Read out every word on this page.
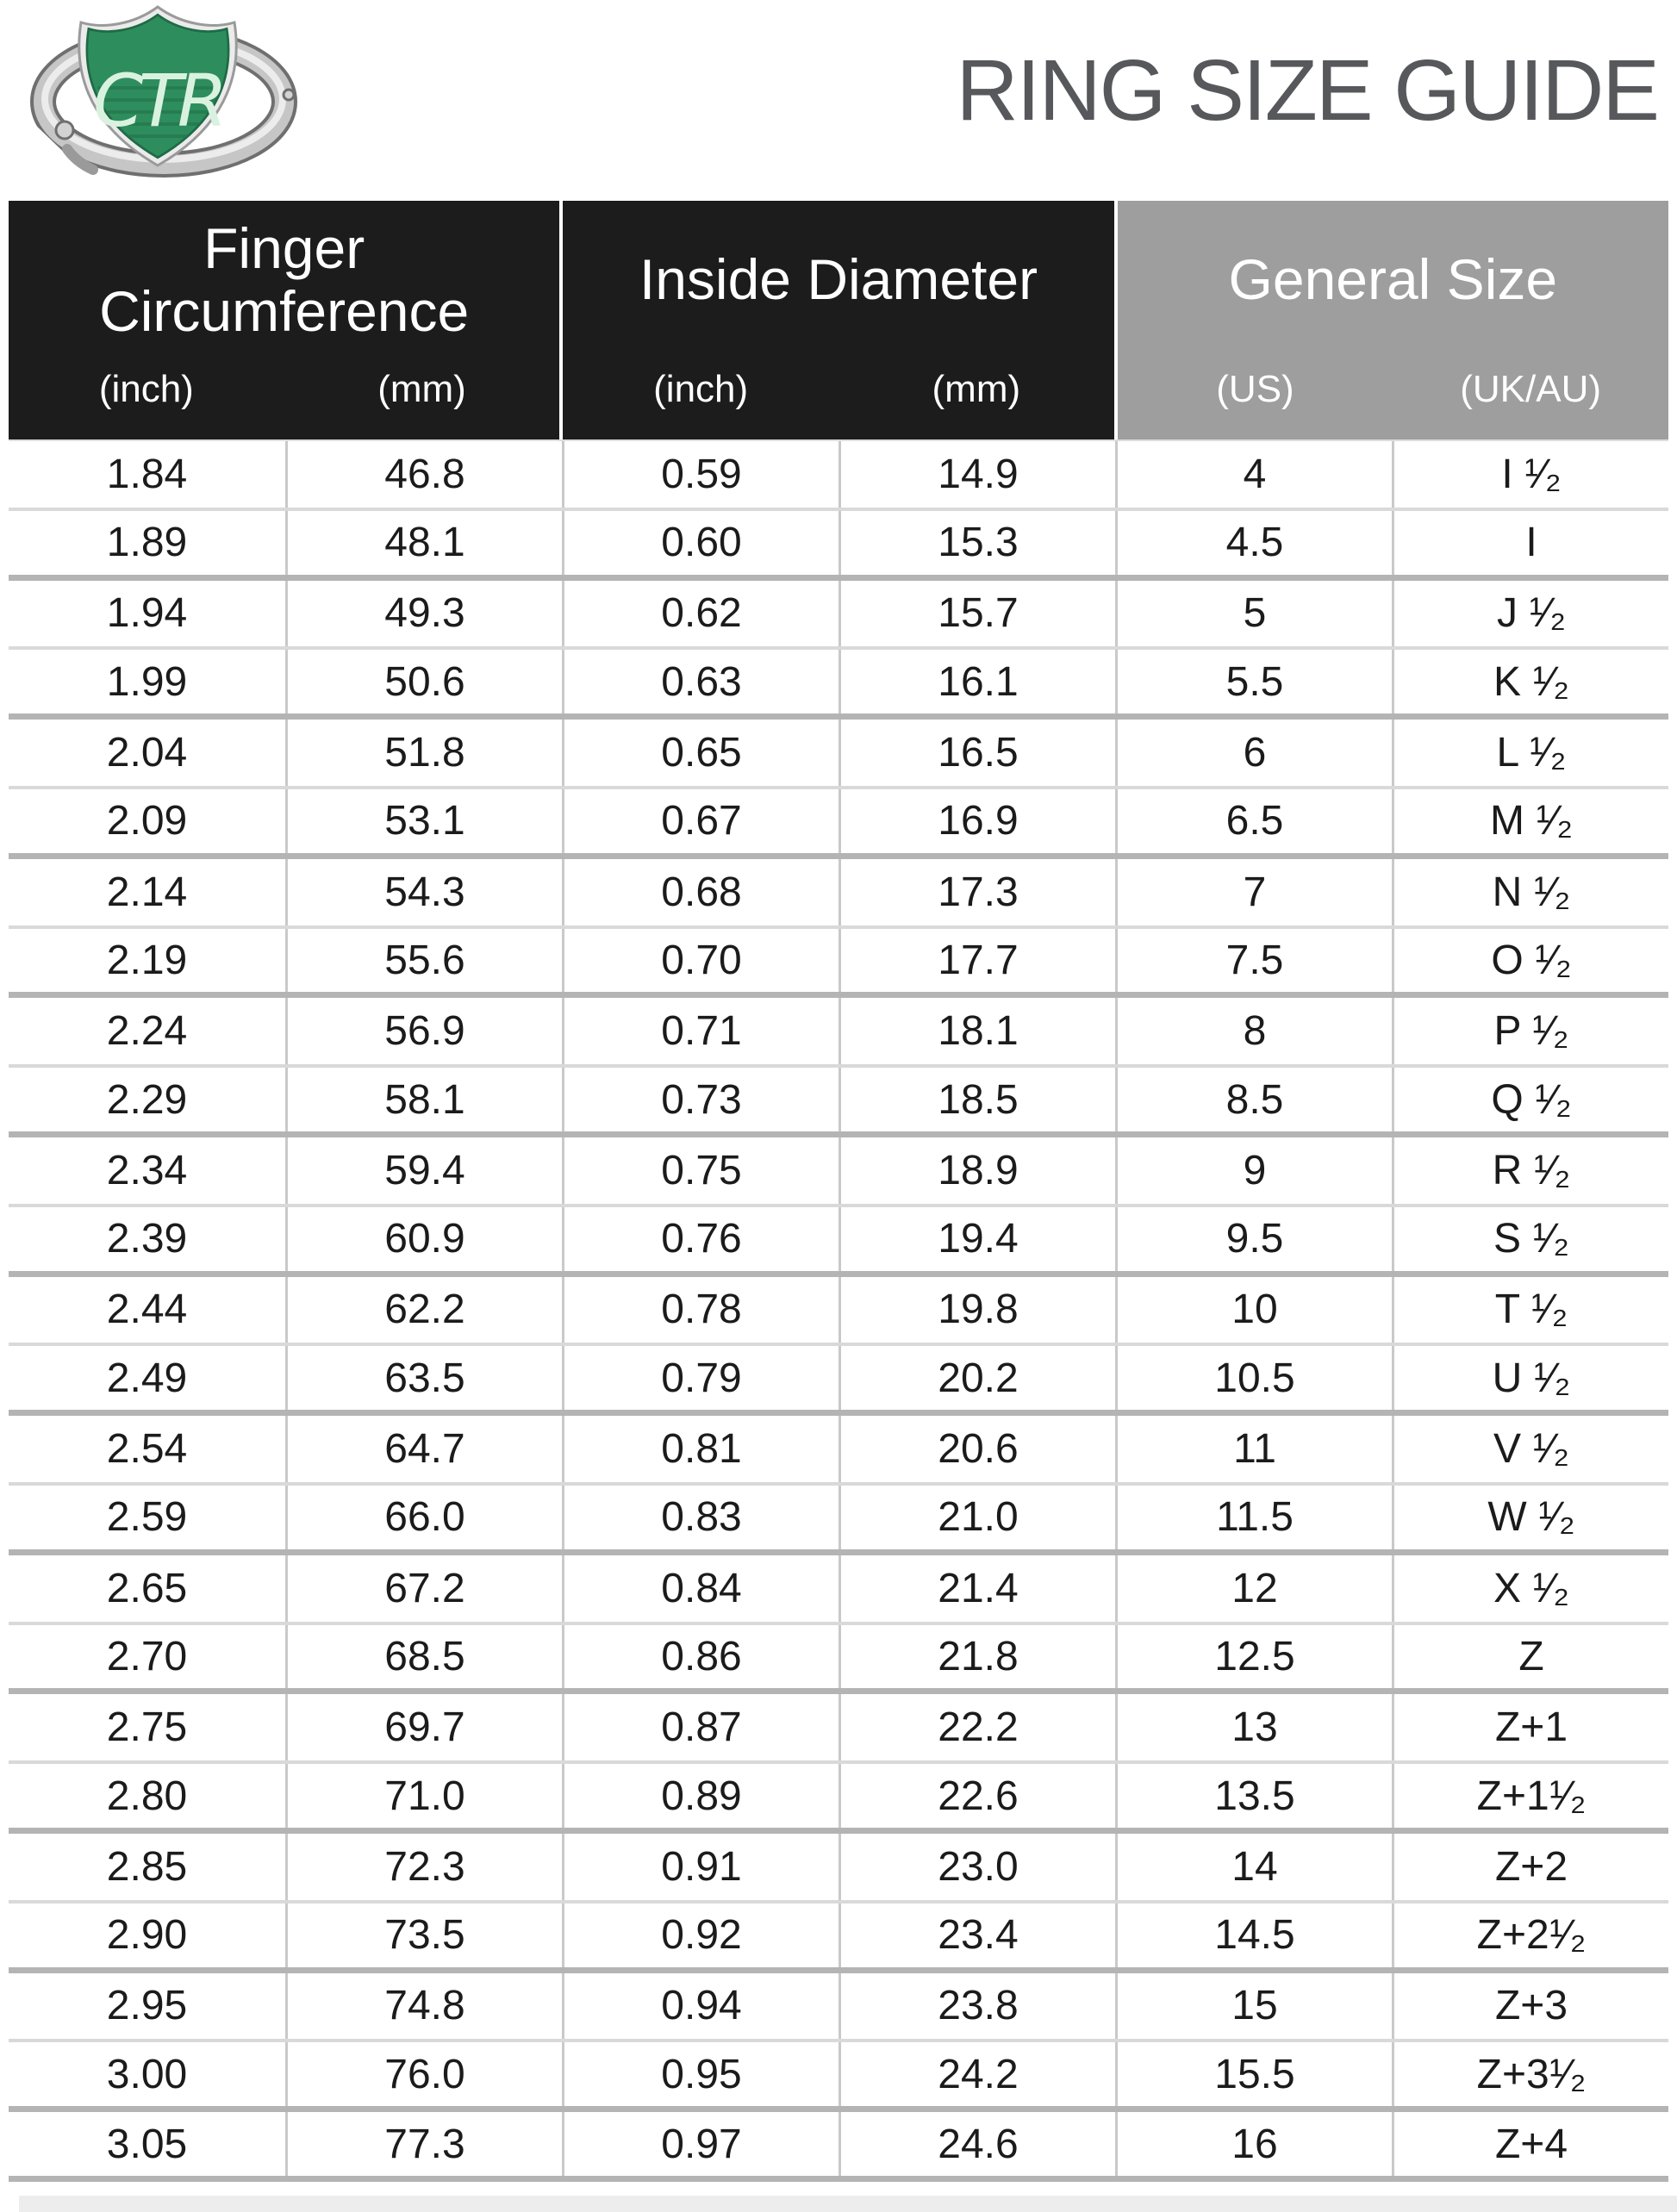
CTR	RING SIZE GUIDE
Finger Circumference
(inch)	(mm)
Inside Diameter
(inch)	(mm)
General Size
(US)	(UK/AU)
1.84	46.8	0.59	14.9	4	I ¹⁄₂
1.89	48.1	0.60	15.3	4.5	I
1.94	49.3	0.62	15.7	5	J ¹⁄₂
1.99	50.6	0.63	16.1	5.5	K ¹⁄₂
2.04	51.8	0.65	16.5	6	L ¹⁄₂
2.09	53.1	0.67	16.9	6.5	M ¹⁄₂
2.14	54.3	0.68	17.3	7	N ¹⁄₂
2.19	55.6	0.70	17.7	7.5	O ¹⁄₂
2.24	56.9	0.71	18.1	8	P ¹⁄₂
2.29	58.1	0.73	18.5	8.5	Q ¹⁄₂
2.34	59.4	0.75	18.9	9	R ¹⁄₂
2.39	60.9	0.76	19.4	9.5	S ¹⁄₂
2.44	62.2	0.78	19.8	10	T ¹⁄₂
2.49	63.5	0.79	20.2	10.5	U ¹⁄₂
2.54	64.7	0.81	20.6	11	V ¹⁄₂
2.59	66.0	0.83	21.0	11.5	W ¹⁄₂
2.65	67.2	0.84	21.4	12	X ¹⁄₂
2.70	68.5	0.86	21.8	12.5	Z
2.75	69.7	0.87	22.2	13	Z+1
2.80	71.0	0.89	22.6	13.5	Z+1¹⁄₂
2.85	72.3	0.91	23.0	14	Z+2
2.90	73.5	0.92	23.4	14.5	Z+2¹⁄₂
2.95	74.8	0.94	23.8	15	Z+3
3.00	76.0	0.95	24.2	15.5	Z+3¹⁄₂
3.05	77.3	0.97	24.6	16	Z+4
